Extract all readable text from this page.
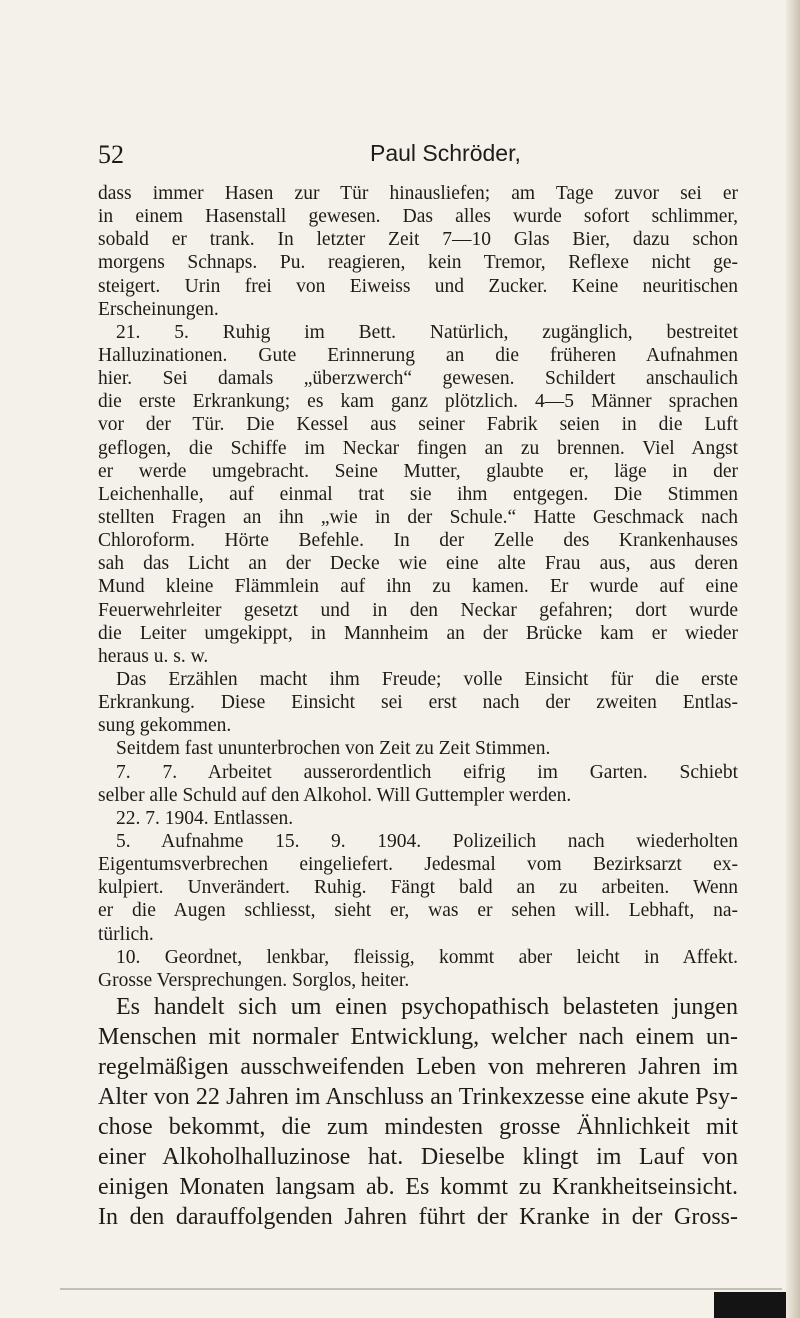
52	Paul Schröder,
dass immer Hasen zur Tür hinausliefen; am Tage zuvor sei er
in einem Hasenstall gewesen. Das alles wurde sofort schlimmer,
sobald er trank. In letzter Zeit 7—10 Glas Bier, dazu schon
morgens Schnaps. Pu. reagieren, kein Tremor, Reflexe nicht ge-
steigert. Urin frei von Eiweiss und Zucker. Keine neuritischen
Erscheinungen.
21. 5. Ruhig im Bett. Natürlich, zugänglich, bestreitet
Halluzinationen. Gute Erinnerung an die früheren Aufnahmen
hier. Sei damals „überzwerch“ gewesen. Schildert anschaulich
die erste Erkrankung; es kam ganz plötzlich. 4—5 Männer sprachen
vor der Tür. Die Kessel aus seiner Fabrik seien in die Luft
geflogen, die Schiffe im Neckar fingen an zu brennen. Viel Angst
er werde umgebracht. Seine Mutter, glaubte er, läge in der
Leichenhalle, auf einmal trat sie ihm entgegen. Die Stimmen
stellten Fragen an ihn „wie in der Schule.“ Hatte Geschmack nach
Chloroform. Hörte Befehle. In der Zelle des Krankenhauses
sah das Licht an der Decke wie eine alte Frau aus, aus deren
Mund kleine Flämmlein auf ihn zu kamen. Er wurde auf eine
Feuerwehrleiter gesetzt und in den Neckar gefahren; dort wurde
die Leiter umgekippt, in Mannheim an der Brücke kam er wieder
heraus u. s. w.
Das Erzählen macht ihm Freude; volle Einsicht für die erste
Erkrankung. Diese Einsicht sei erst nach der zweiten Entlas-
sung gekommen.
Seitdem fast ununterbrochen von Zeit zu Zeit Stimmen.
7. 7. Arbeitet ausserordentlich eifrig im Garten. Schiebt
selber alle Schuld auf den Alkohol. Will Guttempler werden.
22. 7. 1904. Entlassen.
5. Aufnahme 15. 9. 1904. Polizeilich nach wiederholten
Eigentumsverbrechen eingeliefert. Jedesmal vom Bezirksarzt ex-
kulpiert. Unverändert. Ruhig. Fängt bald an zu arbeiten. Wenn
er die Augen schliesst, sieht er, was er sehen will. Lebhaft, na-
türlich.
10. Geordnet, lenkbar, fleissig, kommt aber leicht in Affekt.
Grosse Versprechungen. Sorglos, heiter.
Es handelt sich um einen psychopathisch belasteten jungen
Menschen mit normaler Entwicklung, welcher nach einem un-
regelmäßigen ausschweifenden Leben von mehreren Jahren im
Alter von 22 Jahren im Anschluss an Trinkexzesse eine akute Psy-
chose bekommt, die zum mindesten grosse Ähnlichkeit mit
einer Alkoholhalluzinose hat. Dieselbe klingt im Lauf von
einigen Monaten langsam ab. Es kommt zu Krankheitseinsicht.
In den darauffolgenden Jahren führt der Kranke in der Gross-
